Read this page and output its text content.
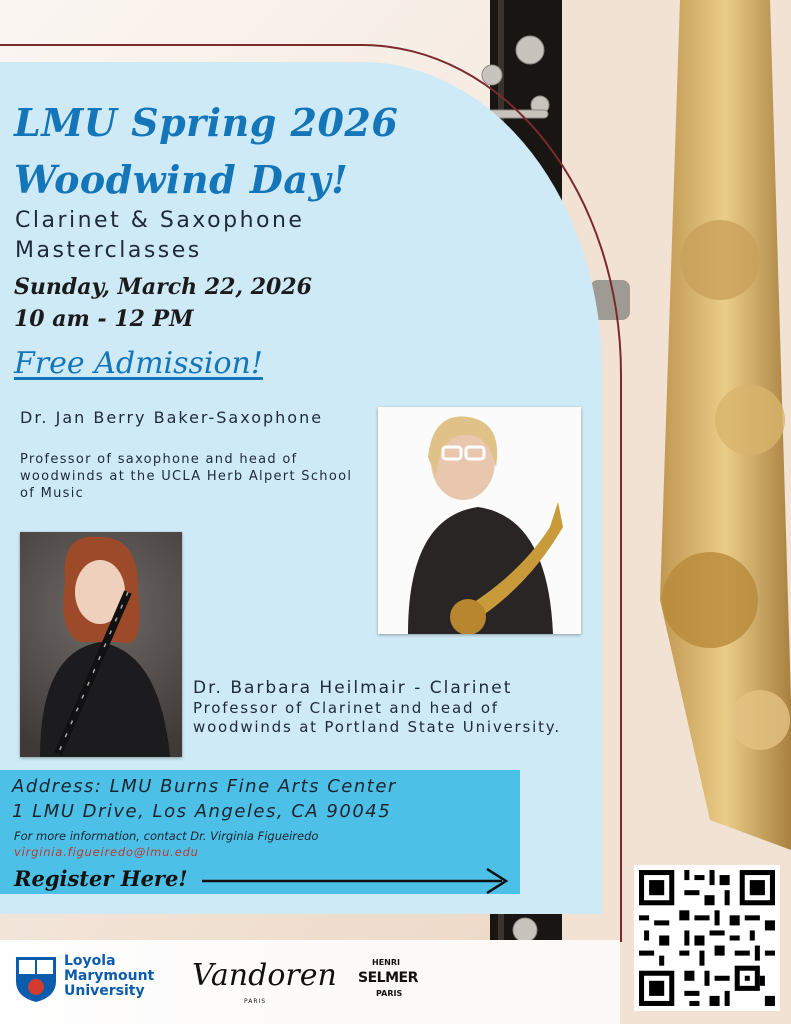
LMU Spring 2026
Woodwind Day!
Clarinet & Saxophone Masterclasses
Sunday, March 22, 2026
10 am - 12 PM
Free Admission!
Dr. Jan Berry Baker-Saxophone
Professor of saxophone and head of woodwinds at the UCLA Herb Alpert School of Music
Dr. Barbara Heilmair - Clarinet
Professor of Clarinet and head of woodwinds at Portland State University.
Address: LMU Burns Fine Arts Center
1 LMU Drive, Los Angeles, CA 90045
For more information, contact Dr. Virginia Figueiredo
virginia.figueiredo@lmu.edu
Register Here!
Loyola
Marymount
University	Vandoren
PARIS
HENRI
SELMER
PARIS
